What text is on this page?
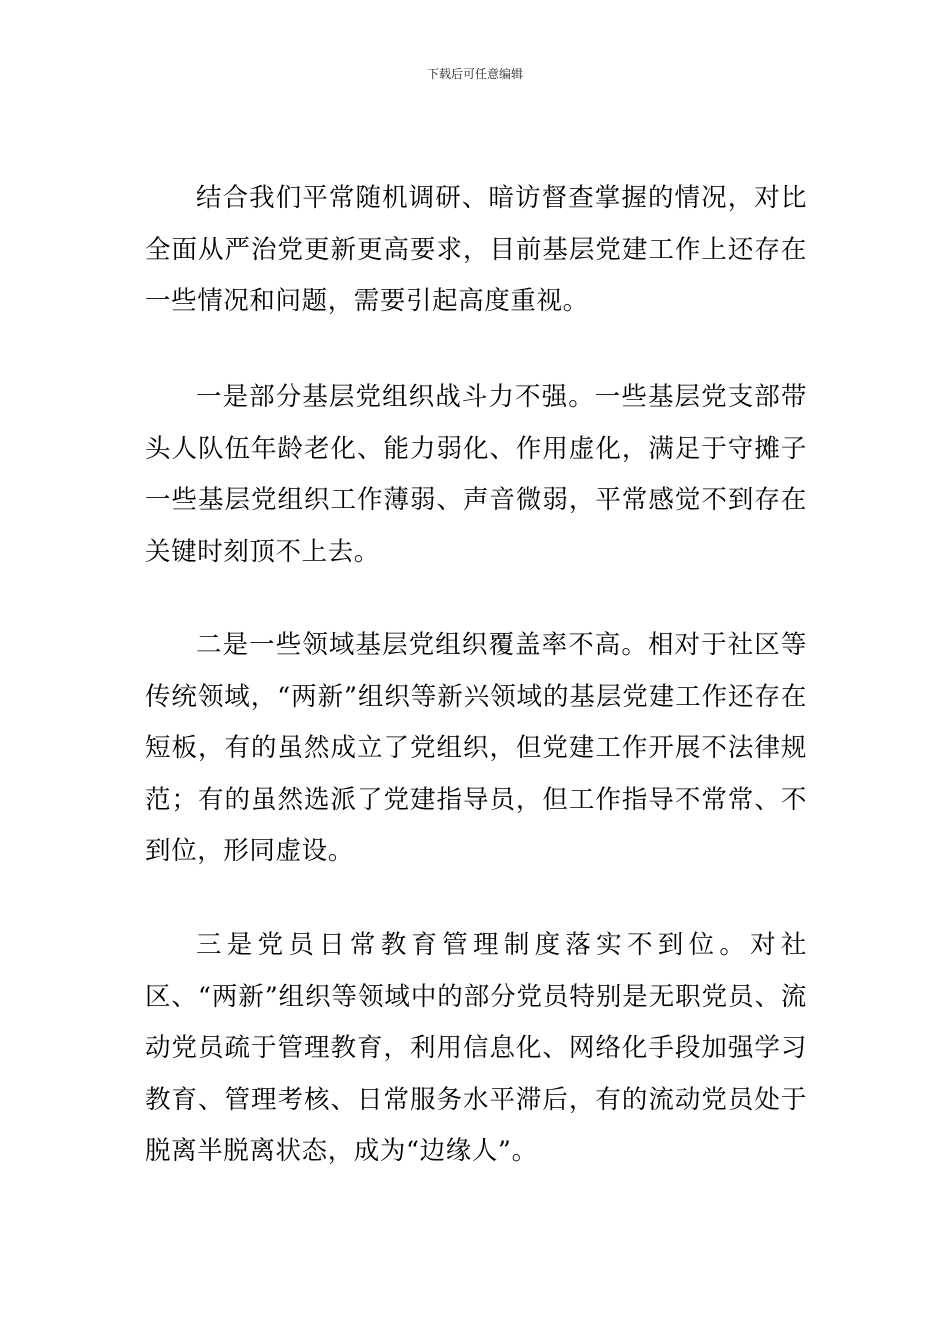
下载后可任意编辑

结合我们平常随机调研、暗访督查掌握的情况，对比全面从严治党更新更高要求，目前基层党建工作上还存在一些情况和问题，需要引起高度重视。

一是部分基层党组织战斗力不强。一些基层党支部带头人队伍年龄老化、能力弱化、作用虚化，满足于守摊子一些基层党组织工作薄弱、声音微弱，平常感觉不到存在关键时刻顶不上去。

二是一些领域基层党组织覆盖率不高。相对于社区等传统领域，“两新”组织等新兴领域的基层党建工作还存在短板，有的虽然成立了党组织，但党建工作开展不法律规范；有的虽然选派了党建指导员，但工作指导不常常、不到位，形同虚设。

三是党员日常教育管理制度落实不到位。对社区、“两新”组织等领域中的部分党员特别是无职党员、流动党员疏于管理教育，利用信息化、网络化手段加强学习教育、管理考核、日常服务水平滞后，有的流动党员处于脱离半脱离状态，成为“边缘人”。
